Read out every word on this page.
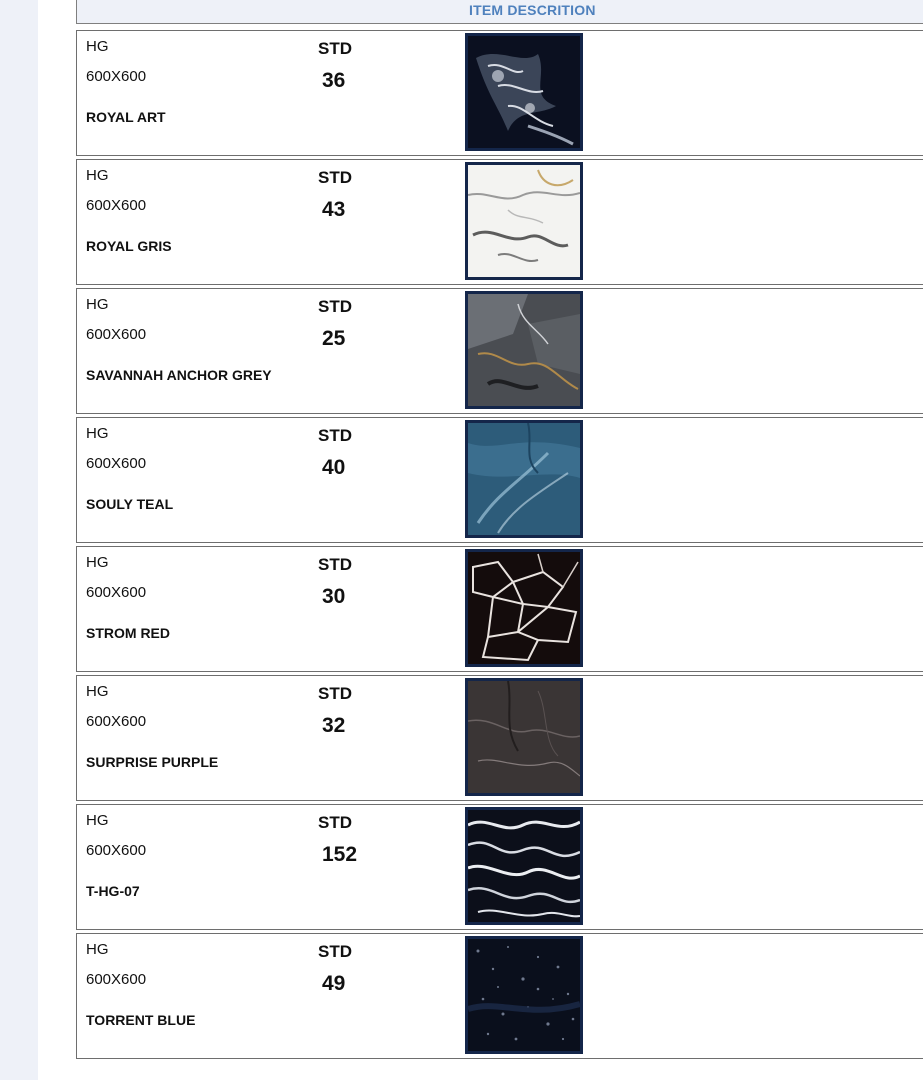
ITEM DESCRITION
HG
600X600
ROYAL ART
STD
36
HG
600X600
ROYAL GRIS
STD
43
HG
600X600
SAVANNAH ANCHOR GREY
STD
25
HG
600X600
SOULY TEAL
STD
40
HG
600X600
STROM RED
STD
30
HG
600X600
SURPRISE PURPLE
STD
32
HG
600X600
T-HG-07
STD
152
HG
600X600
TORRENT BLUE
STD
49
